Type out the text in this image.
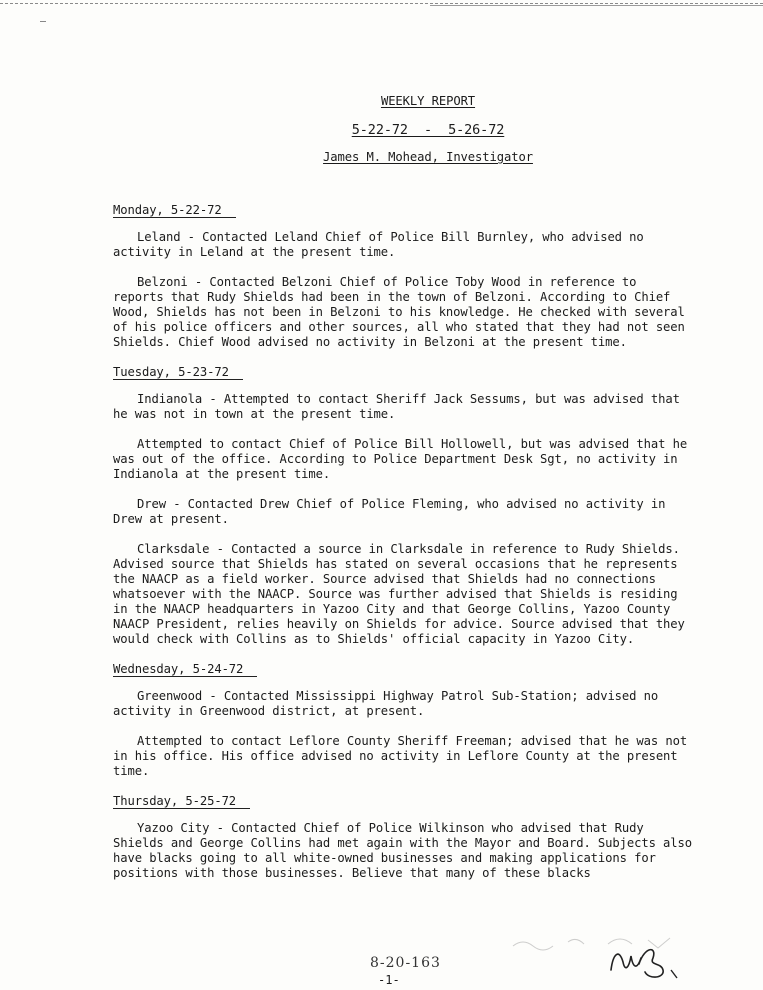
WEEKLY REPORT
5-22-72  -  5-26-72
James M. Mohead, Investigator
Monday, 5-22-72

Leland - Contacted Leland Chief of Police Bill Burnley, who advised no activity in Leland at the present time.

Belzoni - Contacted Belzoni Chief of Police Toby Wood in reference to reports that Rudy Shields had been in the town of Belzoni. According to Chief Wood, Shields has not been in Belzoni to his knowledge. He checked with several of his police officers and other sources, all who stated that they had not seen Shields. Chief Wood advised no activity in Belzoni at the present time.

Tuesday, 5-23-72

Indianola - Attempted to contact Sheriff Jack Sessums, but was advised that he was not in town at the present time.

Attempted to contact Chief of Police Bill Hollowell, but was advised that he was out of the office. According to Police Department Desk Sgt, no activity in Indianola at the present time.

Drew - Contacted Drew Chief of Police Fleming, who advised no activity in Drew at present.

Clarksdale - Contacted a source in Clarksdale in reference to Rudy Shields. Advised source that Shields has stated on several occasions that he represents the NAACP as a field worker. Source advised that Shields had no connections whatsoever with the NAACP. Source was further advised that Shields is residing in the NAACP headquarters in Yazoo City and that George Collins, Yazoo County NAACP President, relies heavily on Shields for advice. Source advised that they would check with Collins as to Shields' official capacity in Yazoo City.

Wednesday, 5-24-72

Greenwood - Contacted Mississippi Highway Patrol Sub-Station; advised no activity in Greenwood district, at present.

Attempted to contact Leflore County Sheriff Freeman; advised that he was not in his office. His office advised no activity in Leflore County at the present time.

Thursday, 5-25-72

Yazoo City - Contacted Chief of Police Wilkinson who advised that Rudy Shields and George Collins had met again with the Mayor and Board. Subjects also have blacks going to all white-owned businesses and making applications for positions with those businesses. Believe that many of these blacks

8-20-163
-1-
